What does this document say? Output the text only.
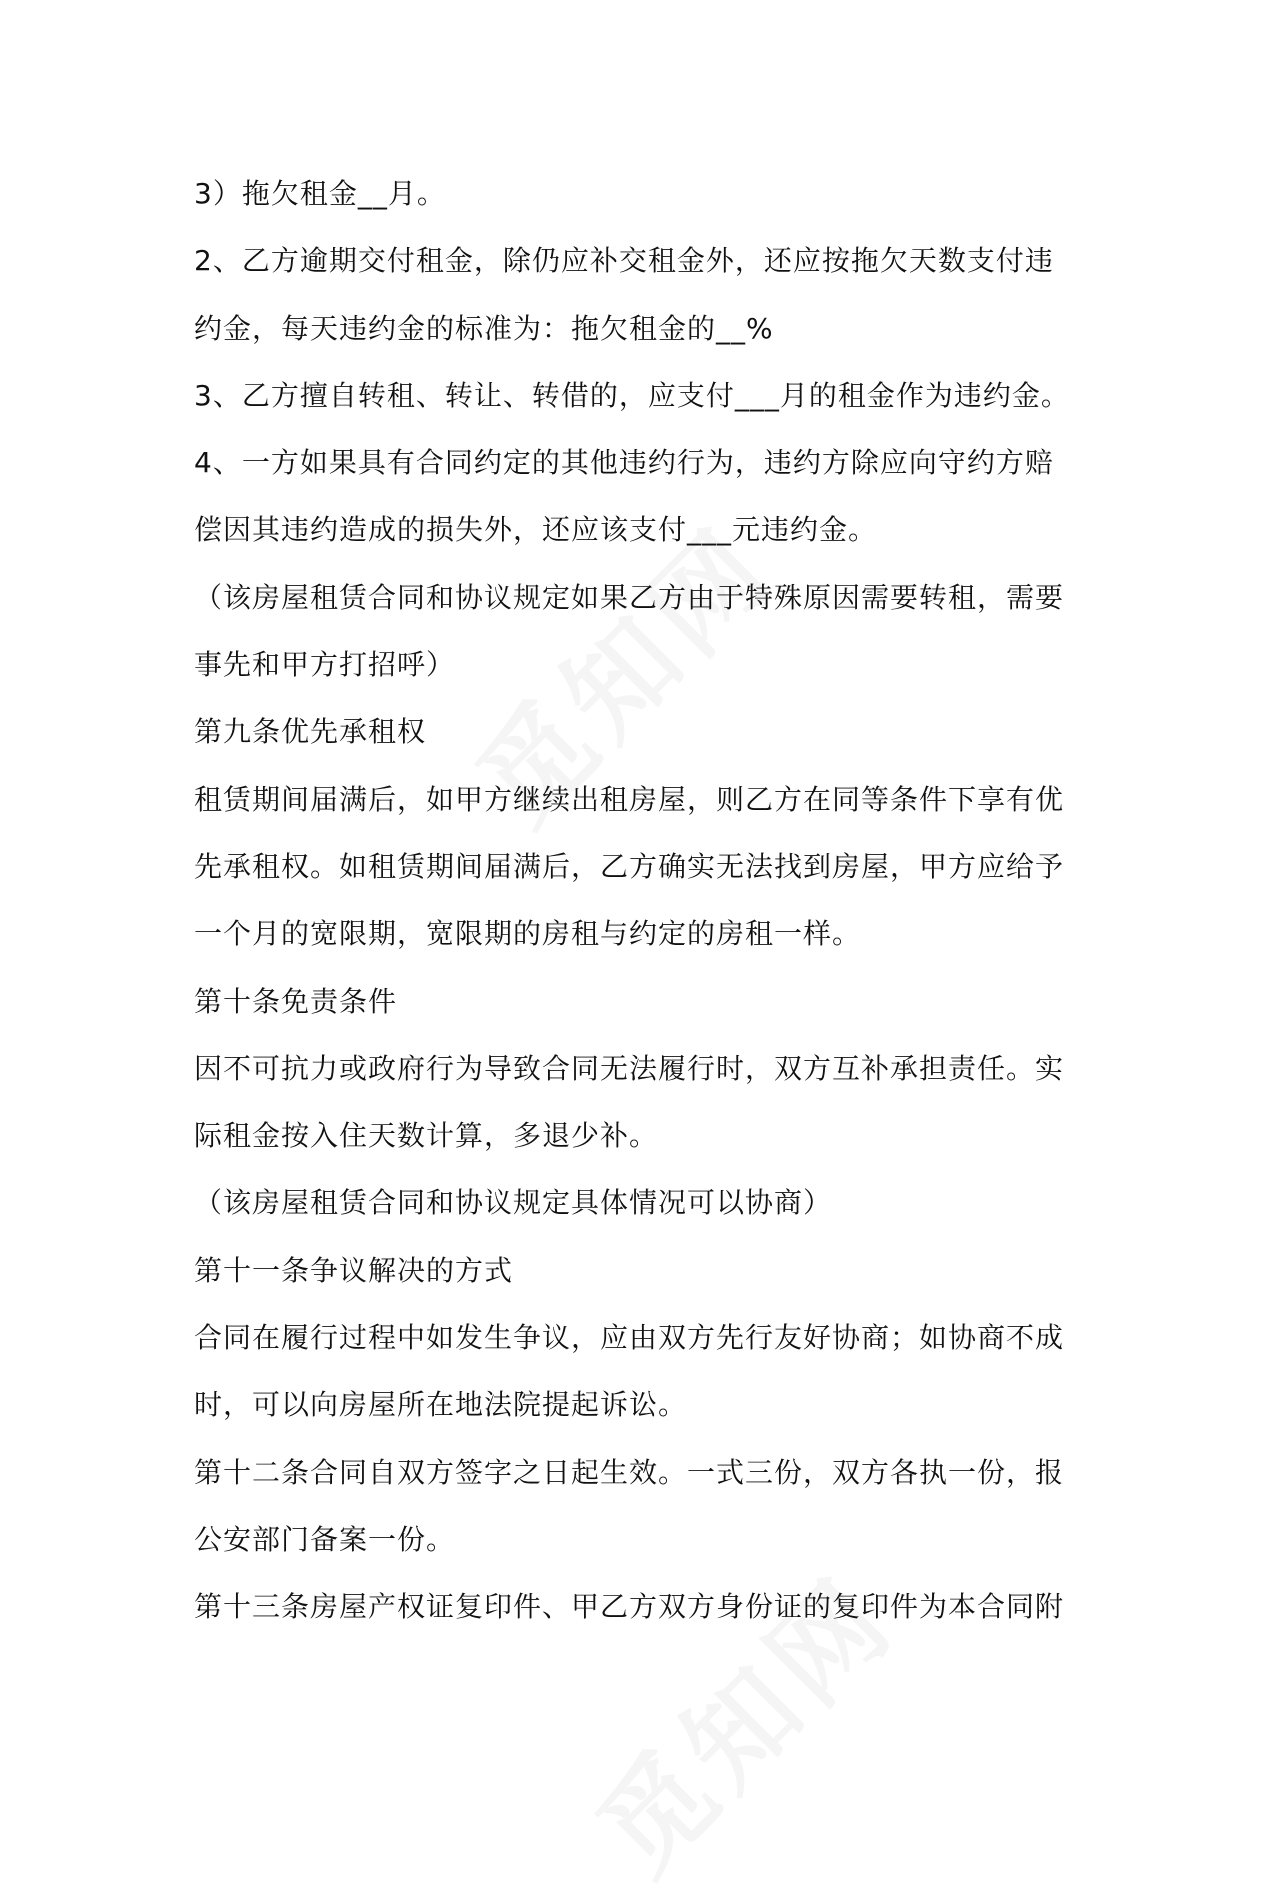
3）拖欠租金__月。
2、乙方逾期交付租金，除仍应补交租金外，还应按拖欠天数支付违
约金，每天违约金的标准为：拖欠租金的__%
3、乙方擅自转租、转让、转借的，应支付___月的租金作为违约金。
4、一方如果具有合同约定的其他违约行为，违约方除应向守约方赔
偿因其违约造成的损失外，还应该支付___元违约金。
（该房屋租赁合同和协议规定如果乙方由于特殊原因需要转租，需要
事先和甲方打招呼）
第九条优先承租权
租赁期间届满后，如甲方继续出租房屋，则乙方在同等条件下享有优
先承租权。如租赁期间届满后，乙方确实无法找到房屋，甲方应给予
一个月的宽限期，宽限期的房租与约定的房租一样。
第十条免责条件
因不可抗力或政府行为导致合同无法履行时，双方互补承担责任。实
际租金按入住天数计算，多退少补。
（该房屋租赁合同和协议规定具体情况可以协商）
第十一条争议解决的方式
合同在履行过程中如发生争议，应由双方先行友好协商；如协商不成
时，可以向房屋所在地法院提起诉讼。
第十二条合同自双方签字之日起生效。一式三份，双方各执一份，报
公安部门备案一份。
第十三条房屋产权证复印件、甲乙方双方身份证的复印件为本合同附
